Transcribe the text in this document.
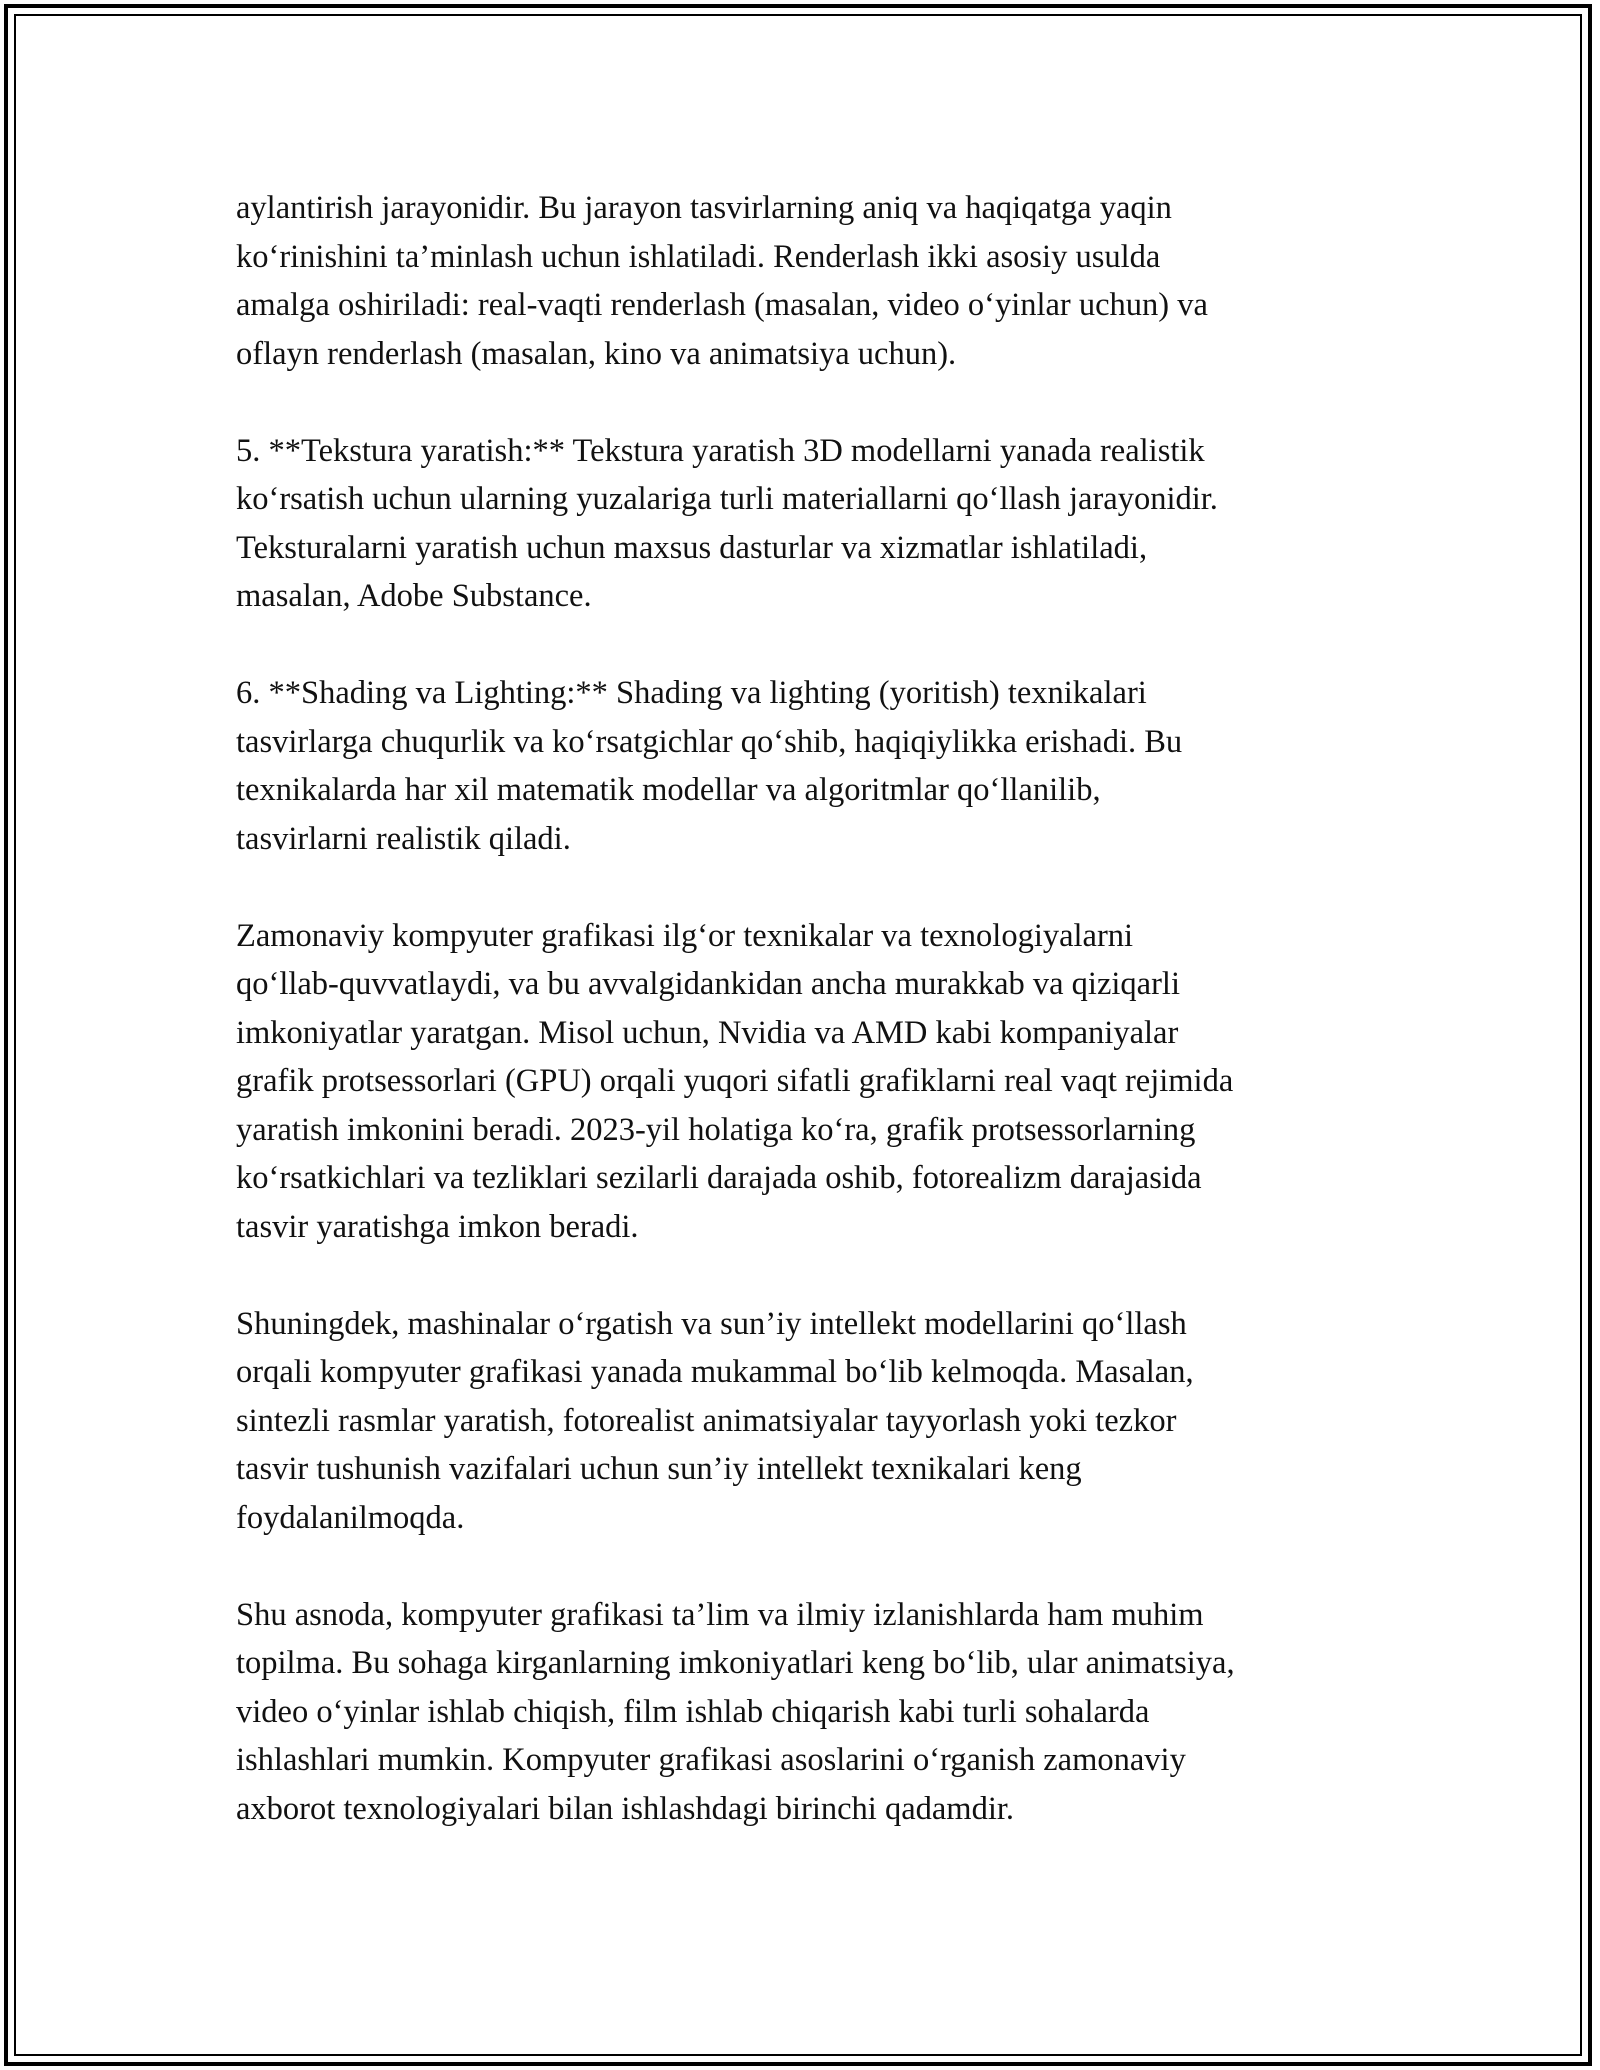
aylantirish jarayonidir. Bu jarayon tasvirlarning aniq va haqiqatga yaqin
ko‘rinishini ta’minlash uchun ishlatiladi. Renderlash ikki asosiy usulda
amalga oshiriladi: real-vaqti renderlash (masalan, video o‘yinlar uchun) va
oflayn renderlash (masalan, kino va animatsiya uchun).

5. **Tekstura yaratish:** Tekstura yaratish 3D modellarni yanada realistik
ko‘rsatish uchun ularning yuzalariga turli materiallarni qo‘llash jarayonidir.
Teksturalarni yaratish uchun maxsus dasturlar va xizmatlar ishlatiladi,
masalan, Adobe Substance.

6. **Shading va Lighting:** Shading va lighting (yoritish) texnikalari
tasvirlarga chuqurlik va ko‘rsatgichlar qo‘shib, haqiqiylikka erishadi. Bu
texnikalarda har xil matematik modellar va algoritmlar qo‘llanilib,
tasvirlarni realistik qiladi.

Zamonaviy kompyuter grafikasi ilg‘or texnikalar va texnologiyalarni
qo‘llab-quvvatlaydi, va bu avvalgidankidan ancha murakkab va qiziqarli
imkoniyatlar yaratgan. Misol uchun, Nvidia va AMD kabi kompaniyalar
grafik protsessorlari (GPU) orqali yuqori sifatli grafiklarni real vaqt rejimida
yaratish imkonini beradi. 2023-yil holatiga ko‘ra, grafik protsessorlarning
ko‘rsatkichlari va tezliklari sezilarli darajada oshib, fotorealizm darajasida
tasvir yaratishga imkon beradi.

Shuningdek, mashinalar o‘rgatish va sun’iy intellekt modellarini qo‘llash
orqali kompyuter grafikasi yanada mukammal bo‘lib kelmoqda. Masalan,
sintezli rasmlar yaratish, fotorealist animatsiyalar tayyorlash yoki tezkor
tasvir tushunish vazifalari uchun sun’iy intellekt texnikalari keng
foydalanilmoqda.

Shu asnoda, kompyuter grafikasi ta’lim va ilmiy izlanishlarda ham muhim
topilma. Bu sohaga kirganlarning imkoniyatlari keng bo‘lib, ular animatsiya,
video o‘yinlar ishlab chiqish, film ishlab chiqarish kabi turli sohalarda
ishlashlari mumkin. Kompyuter grafikasi asoslarini o‘rganish zamonaviy
axborot texnologiyalari bilan ishlashdagi birinchi qadamdir.
